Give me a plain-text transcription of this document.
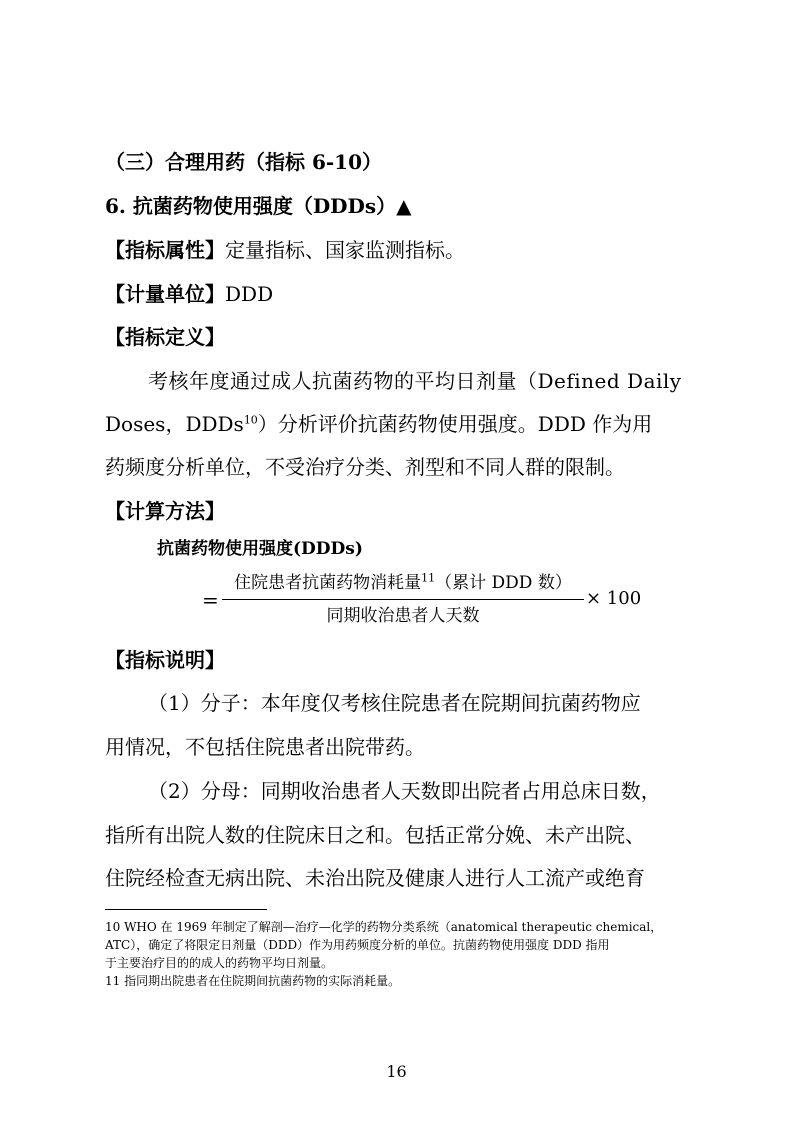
（三）合理用药（指标 6-10）
6. 抗菌药物使用强度（DDDs）▲
【指标属性】定量指标、国家监测指标。
【计量单位】DDD
【指标定义】
考核年度通过成人抗菌药物的平均日剂量（Defined Daily
Doses，DDDs$^{10}$）分析评价抗菌药物使用强度。DDD 作为用
药频度分析单位，不受治疗分类、剂型和不同人群的限制。
【计算方法】
抗菌药物使用强度(DDDs)
=
住院患者抗菌药物消耗量$^{11}$（累计 DDD 数）
同期收治患者人天数
× 100
【指标说明】
（1）分子：本年度仅考核住院患者在院期间抗菌药物应
用情况，不包括住院患者出院带药。
（2）分母：同期收治患者人天数即出院者占用总床日数，
指所有出院人数的住院床日之和。包括正常分娩、未产出院、
住院经检查无病出院、未治出院及健康人进行人工流产或绝育
10 WHO 在 1969 年制定了解剖—治疗—化学的药物分类系统（anatomical therapeutic chemical，
ATC），确定了将限定日剂量（DDD）作为用药频度分析的单位。抗菌药物使用强度 DDD 指用
于主要治疗目的的成人的药物平均日剂量。
11 指同期出院患者在住院期间抗菌药物的实际消耗量。
16
